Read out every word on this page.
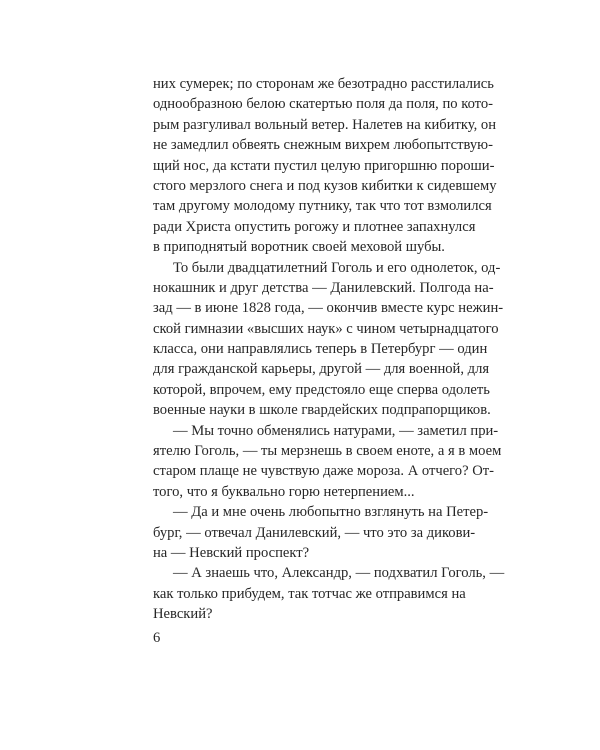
них сумерек; по сторонам же безотрадно расстилались
однообразною белою скатертью поля да поля, по кото-
рым разгуливал вольный ветер. Налетев на кибитку, он
не замедлил обвеять снежным вихрем любопытствую-
щий нос, да кстати пустил целую пригоршню пороши-
стого мерзлого снега и под кузов кибитки к сидевшему
там другому молодому путнику, так что тот взмолился
ради Христа опустить рогожу и плотнее запахнулся
в приподнятый воротник своей меховой шубы.
То были двадцатилетний Гоголь и его однолеток, од-
нокашник и друг детства — Данилевский. Полгода на-
зад — в июне 1828 года, — окончив вместе курс нежин-
ской гимназии «высших наук» с чином четырнадцатого
класса, они направлялись теперь в Петербург — один
для гражданской карьеры, другой — для военной, для
которой, впрочем, ему предстояло еще сперва одолеть
военные науки в школе гвардейских подпрапорщиков.
— Мы точно обменялись натурами, — заметил при-
ятелю Гоголь, — ты мерзнешь в своем еноте, а я в моем
старом плаще не чувствую даже мороза. А отчего? От-
того, что я буквально горю нетерпением...
— Да и мне очень любопытно взглянуть на Петер-
бург, — отвечал Данилевский, — что это за дикови-
на — Невский проспект?
— А знаешь что, Александр, — подхватил Гоголь, —
как только прибудем, так тотчас же отправимся на
Невский?
6
